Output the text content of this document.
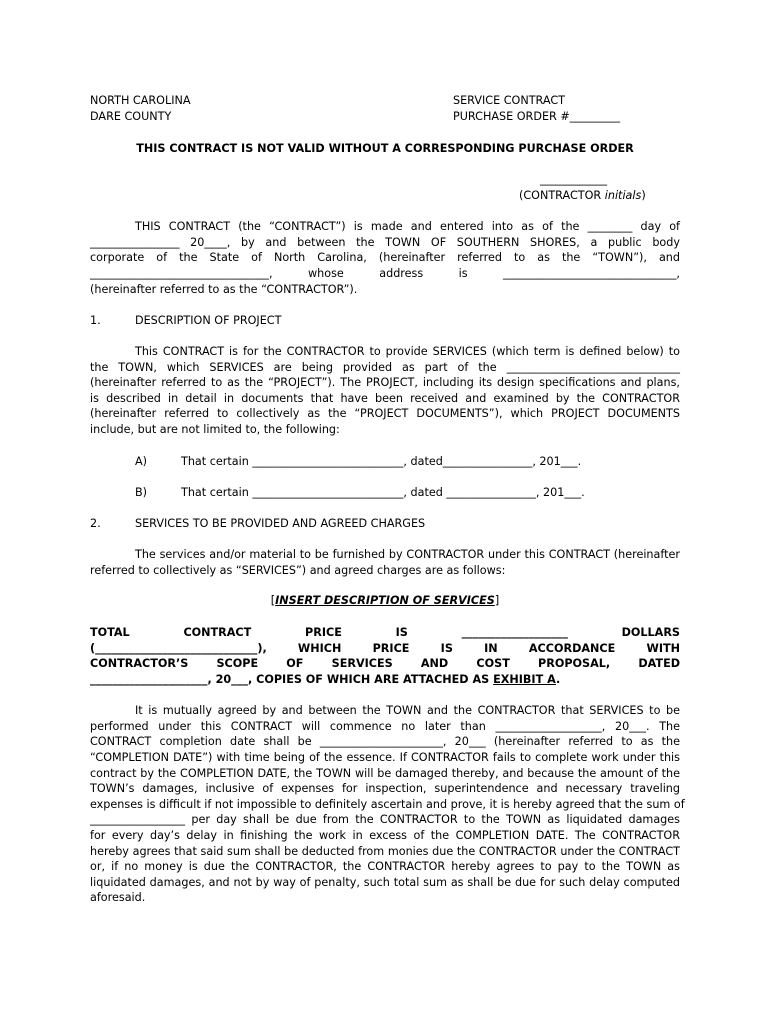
NORTH CAROLINA
DARE COUNTY
SERVICE CONTRACT
PURCHASE ORDER #_________
THIS CONTRACT IS NOT VALID WITHOUT A CORRESPONDING PURCHASE ORDER
____________
(CONTRACTOR initials)
THIS CONTRACT (the “CONTRACT”) is made and entered into as of the ________ day of
________________ 20____, by and between the TOWN OF SOUTHERN SHORES, a public body
corporate of the State of North Carolina, (hereinafter referred to as the “TOWN”), and
________________________________, whose address is _______________________________,
(hereinafter referred to as the “CONTRACTOR”).
1.	DESCRIPTION OF PROJECT
This CONTRACT is for the CONTRACTOR to provide SERVICES (which term is defined below) to
the TOWN, which SERVICES are being provided as part of the _______________________________
(hereinafter referred to as the “PROJECT”). The PROJECT, including its design specifications and plans,
is described in detail in documents that have been received and examined by the CONTRACTOR
(hereinafter referred to collectively as the “PROJECT DOCUMENTS”), which PROJECT DOCUMENTS
include, but are not limited to, the following:
A)	That certain ___________________________, dated________________, 201___.
B)	That certain ___________________________, dated ________________, 201___.
2.	SERVICES TO BE PROVIDED AND AGREED CHARGES
The services and/or material to be furnished by CONTRACTOR under this CONTRACT (hereinafter
referred to collectively as “SERVICES”) and agreed charges are as follows:
[INSERT DESCRIPTION OF SERVICES]
TOTAL CONTRACT PRICE IS ___________________ DOLLARS
(_____________________________), WHICH PRICE IS IN ACCORDANCE WITH
CONTRACTOR’S SCOPE OF SERVICES AND COST PROPOSAL, DATED
_____________________, 20___, COPIES OF WHICH ARE ATTACHED AS EXHIBIT A.
It is mutually agreed by and between the TOWN and the CONTRACTOR that SERVICES to be
performed under this CONTRACT will commence no later than ___________________, 20___. The
CONTRACT completion date shall be ______________________, 20___ (hereinafter referred to as the
“COMPLETION DATE”) with time being of the essence. If CONTRACTOR fails to complete work under this
contract by the COMPLETION DATE, the TOWN will be damaged thereby, and because the amount of the
TOWN’s damages, inclusive of expenses for inspection, superintendence and necessary traveling
expenses is difficult if not impossible to definitely ascertain and prove, it is hereby agreed that the sum of
_________________ per day shall be due from the CONTRACTOR to the TOWN as liquidated damages
for every day’s delay in finishing the work in excess of the COMPLETION DATE. The CONTRACTOR
hereby agrees that said sum shall be deducted from monies due the CONTRACTOR under the CONTRACT
or, if no money is due the CONTRACTOR, the CONTRACTOR hereby agrees to pay to the TOWN as
liquidated damages, and not by way of penalty, such total sum as shall be due for such delay computed
aforesaid.
